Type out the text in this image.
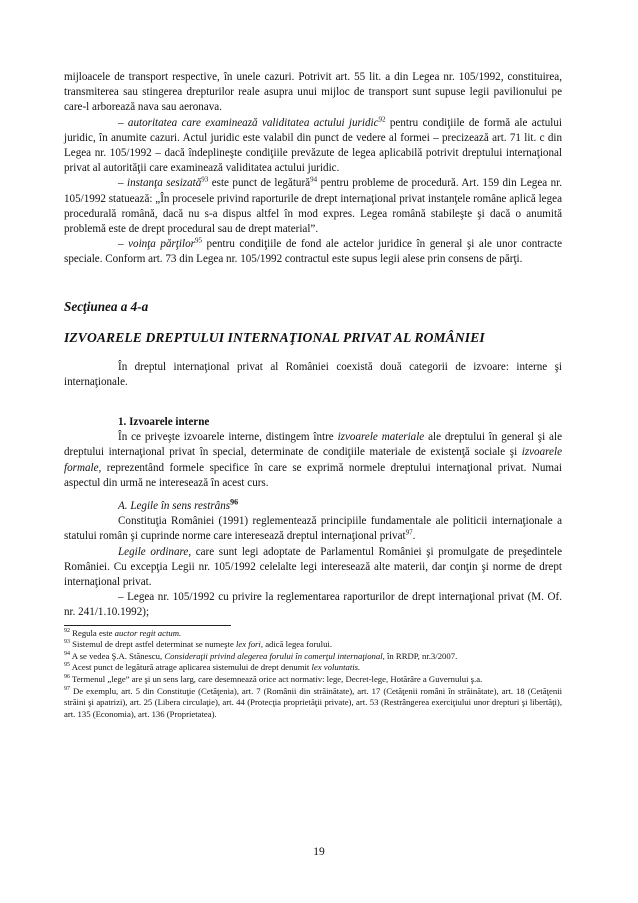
mijloacele de transport respective, în unele cazuri. Potrivit art. 55 lit. a din Legea nr. 105/1992, constituirea, transmiterea sau stingerea drepturilor reale asupra unui mijloc de transport sunt supuse legii pavilionului pe care-l arborează nava sau aeronava.

– autoritatea care examinează validitatea actului juridic$^{92}$ pentru condiţiile de formă ale actului juridic, în anumite cazuri. Actul juridic este valabil din punct de vedere al formei – precizează art. 71 lit. c din Legea nr. 105/1992 – dacă îndeplineşte condiţiile prevăzute de legea aplicabilă potrivit dreptului internaţional privat al autorităţii care examinează validitatea actului juridic.

– instanţa sesizată$^{93}$ este punct de legătură$^{94}$ pentru probleme de procedură. Art. 159 din Legea nr. 105/1992 statuează: „În procesele privind raporturile de drept internaţional privat instanţele române aplică legea procedurală română, dacă nu s-a dispus altfel în mod expres. Legea română stabileşte şi dacă o anumită problemă este de drept procedural sau de drept material”.

– voinţa părţilor$^{95}$ pentru condiţiile de fond ale actelor juridice în general şi ale unor contracte speciale. Conform art. 73 din Legea nr. 105/1992 contractul este supus legii alese prin consens de părţi.

Secţiunea a 4-a

IZVOARELE DREPTULUI INTERNAŢIONAL PRIVAT AL ROMÂNIEI

În dreptul internaţional privat al României coexistă două categorii de izvoare: interne şi internaţionale.

1. Izvoarele interne

În ce priveşte izvoarele interne, distingem între izvoarele materiale ale dreptului în general şi ale dreptului internaţional privat în special, determinate de condiţiile materiale de existenţă sociale şi izvoarele formale, reprezentând formele specifice în care se exprimă normele dreptului internaţional privat. Numai aspectul din urmă ne interesează în acest curs.

A. Legile în sens restrâns$^{96}$

Constituţia României (1991) reglementează principiile fundamentale ale politicii internaţionale a statului român şi cuprinde norme care interesează dreptul internaţional privat$^{97}$.

Legile ordinare, care sunt legi adoptate de Parlamentul României şi promulgate de preşedintele României. Cu excepţia Legii nr. 105/1992 celelalte legi interesează alte materii, dar conţin şi norme de drept internaţional privat.

– Legea nr. 105/1992 cu privire la reglementarea raporturilor de drept internaţional privat (M. Of. nr. 241/1.10.1992);

$^{92}$ Regula este auctor regit actum.

$^{93}$ Sistemul de drept astfel determinat se numeşte lex fori, adică legea forului.

$^{94}$ A se vedea Ş.A. Stănescu, Consideraţii privind alegerea forului în comerţul internaţional, în RRDP, nr.3/2007.

$^{95}$ Acest punct de legătură atrage aplicarea sistemului de drept denumit lex voluntatis.

$^{96}$ Termenul „lege” are şi un sens larg, care desemnează orice act normativ: lege, Decret-lege, Hotărâre a Guvernului ş.a.

$^{97}$ De exemplu, art. 5 din Constituţie (Cetăţenia), art. 7 (Românii din străinătate), art. 17 (Cetăţenii români în străinătate), art. 18 (Cetăţenii străini şi apatrizi), art. 25 (Libera circulaţie), art. 44 (Protecţia proprietăţii private), art. 53 (Restrângerea exerciţiului unor drepturi şi libertăţi), art. 135 (Economia), art. 136 (Proprietatea).

19
